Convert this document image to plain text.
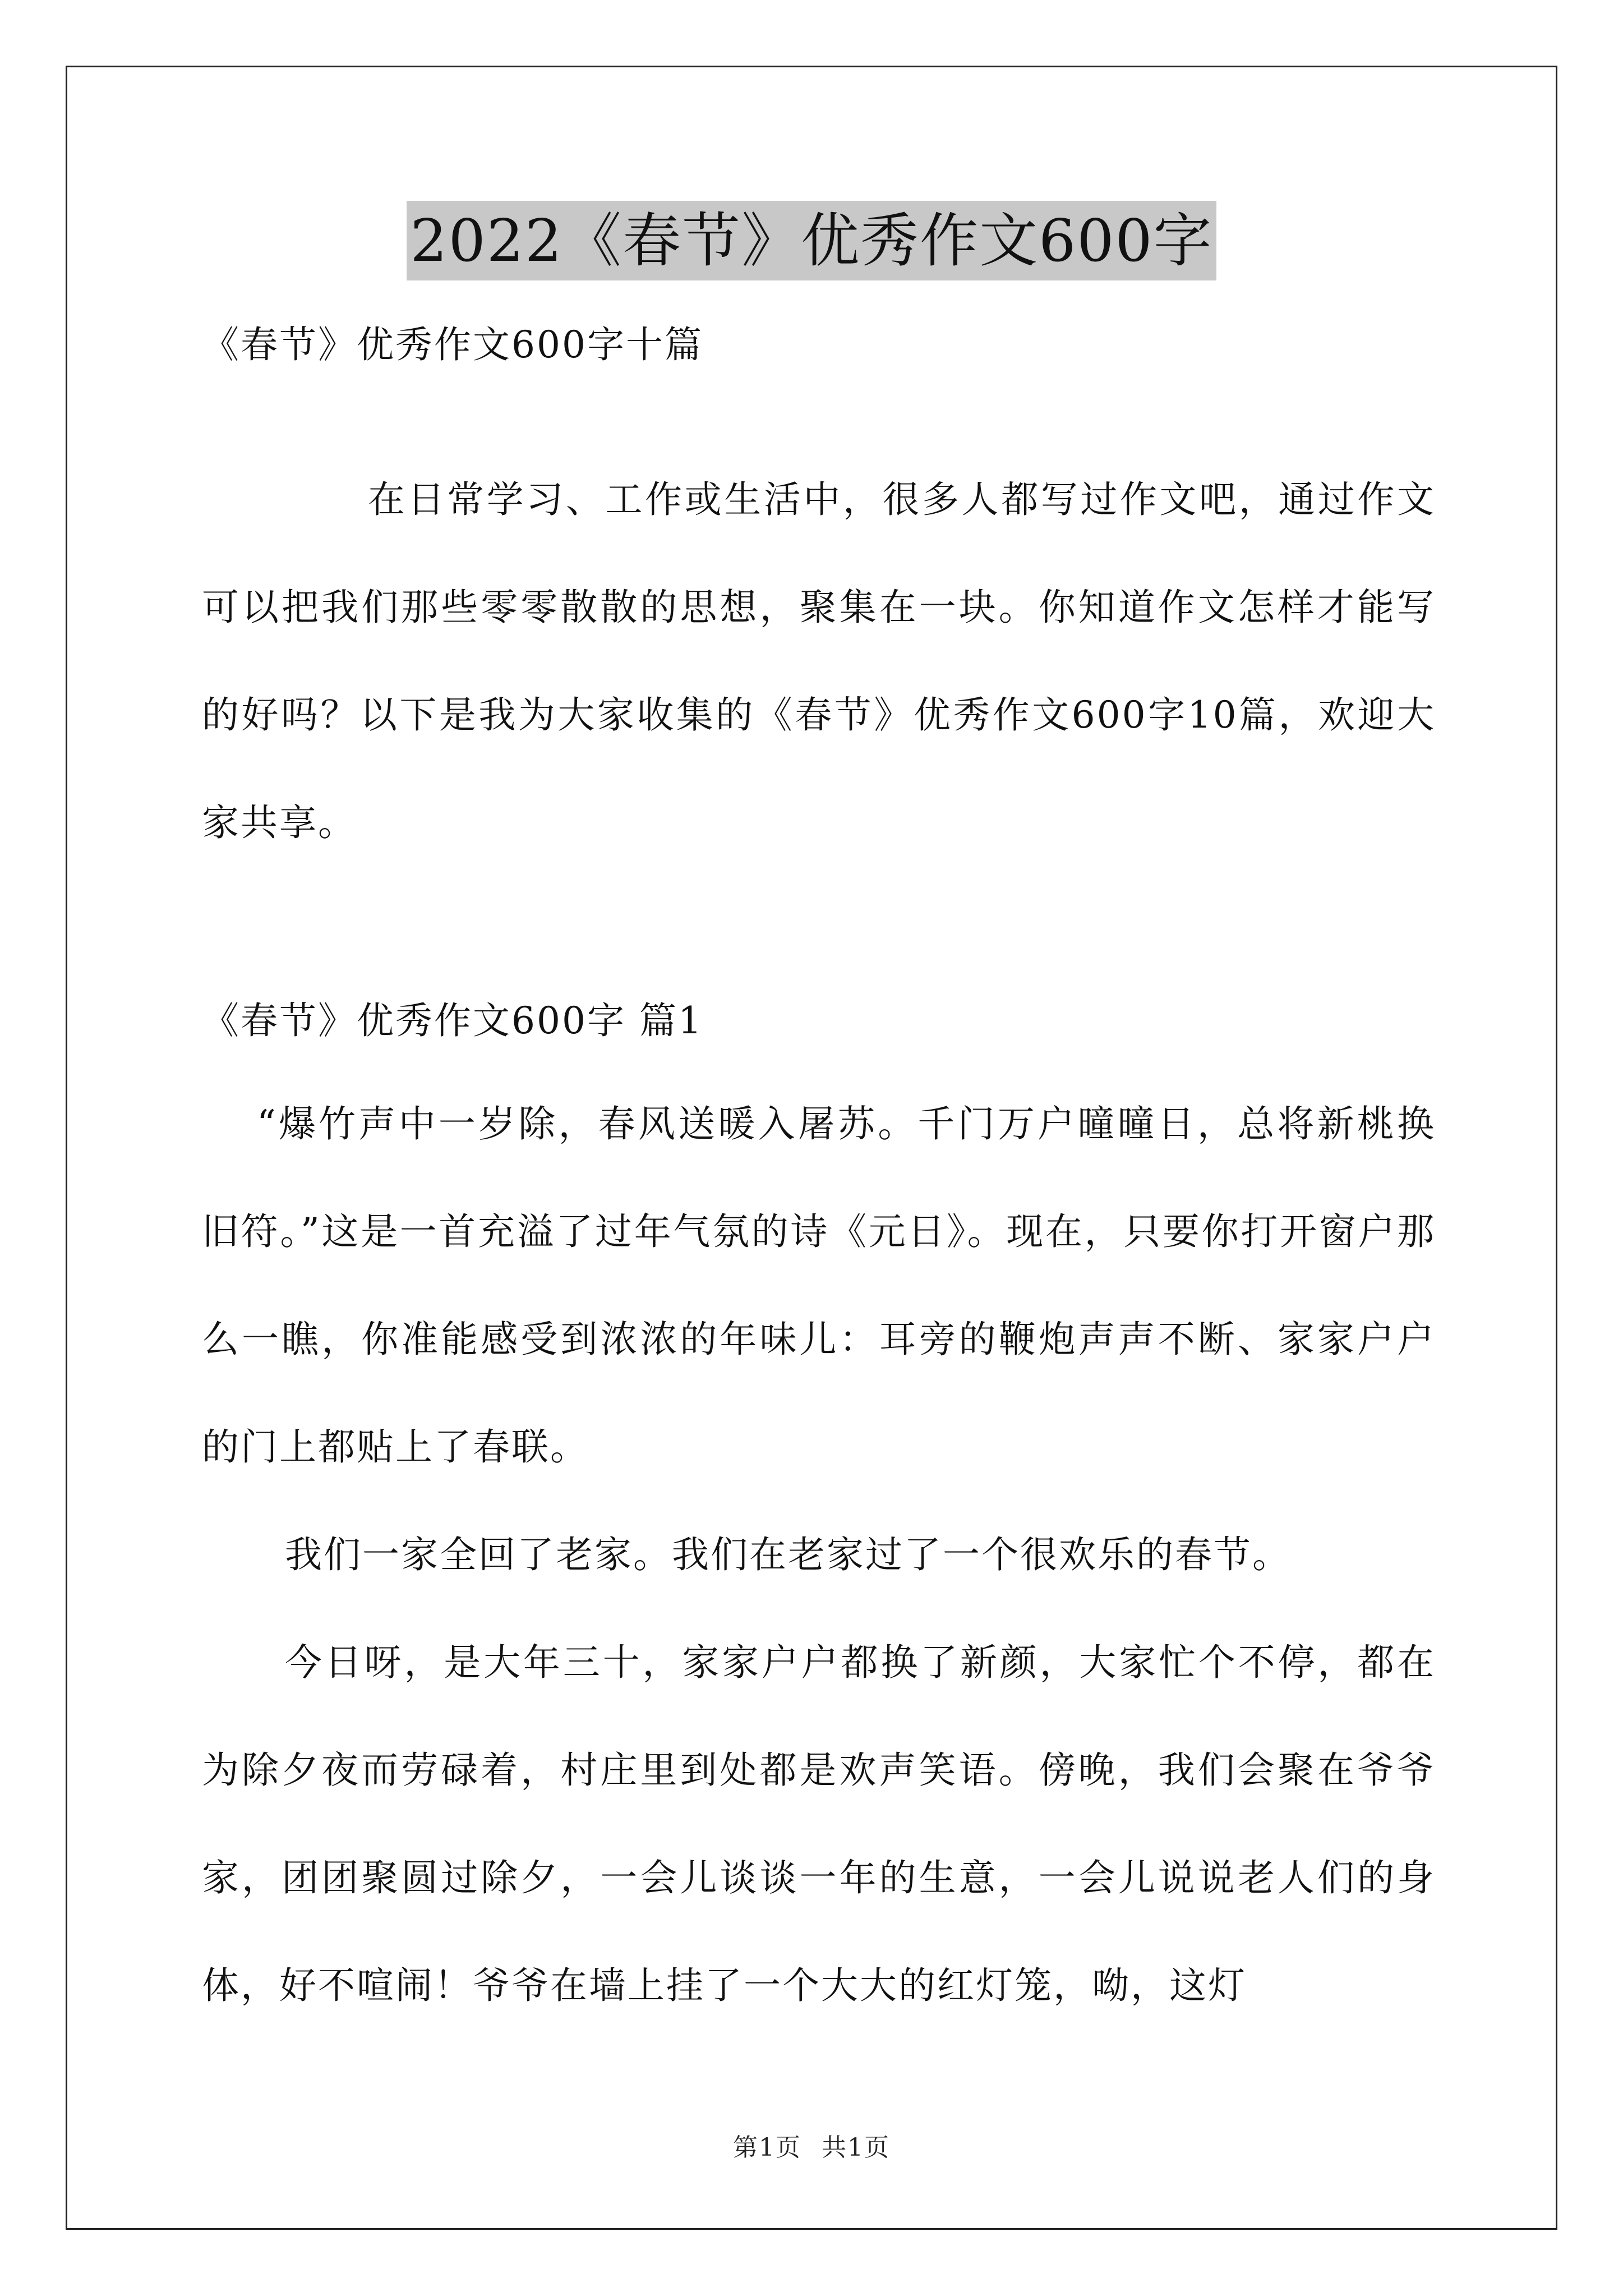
2022《春节》优秀作文600字
《春节》优秀作文600字十篇

在日常学习、工作或生活中，很多人都写过作文吧，通过作文可以把我们那些零零散散的思想，聚集在一块。你知道作文怎样才能写的好吗？以下是我为大家收集的《春节》优秀作文600字10篇，欢迎大家共享。

《春节》优秀作文600字 篇1

“爆竹声中一岁除，春风送暖入屠苏。千门万户曈曈日，总将新桃换旧符。”这是一首充溢了过年气氛的诗《元日》。现在，只要你打开窗户那么一瞧，你准能感受到浓浓的年味儿：耳旁的鞭炮声声不断、家家户户的门上都贴上了春联。

我们一家全回了老家。我们在老家过了一个很欢乐的春节。

今日呀，是大年三十，家家户户都换了新颜，大家忙个不停，都在为除夕夜而劳碌着，村庄里到处都是欢声笑语。傍晚，我们会聚在爷爷家，团团聚圆过除夕，一会儿谈谈一年的生意，一会儿说说老人们的身体，好不喧闹！爷爷在墙上挂了一个大大的红灯笼，呦，这灯

第1页 共1页
